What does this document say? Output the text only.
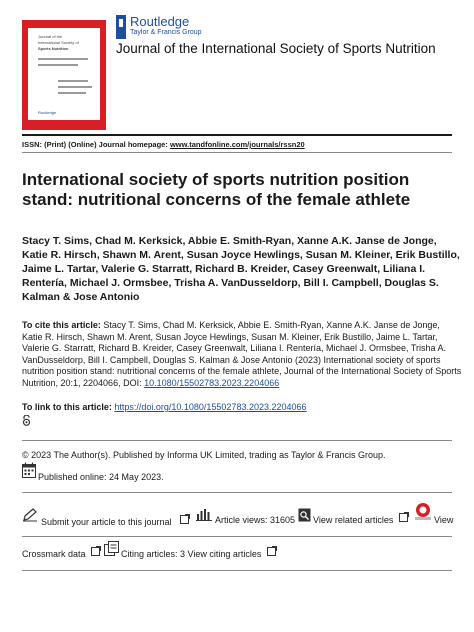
Journal of the
International Society of
Sports Nutrition
Routledge
Routledge
Taylor & Francis Group
Journal of the International Society of Sports Nutrition
ISSN: (Print) (Online) Journal homepage: www.tandfonline.com/journals/rssn20
International society of sports nutrition position stand: nutritional concerns of the female athlete
Stacy T. Sims, Chad M. Kerksick, Abbie E. Smith-Ryan, Xanne A.K. Janse de Jonge, Katie R. Hirsch, Shawn M. Arent, Susan Joyce Hewlings, Susan M. Kleiner, Erik Bustillo, Jaime L. Tartar, Valerie G. Starratt, Richard B. Kreider, Casey Greenwalt, Liliana I. Rentería, Michael J. Ormsbee, Trisha A. VanDusseldorp, Bill I. Campbell, Douglas S. Kalman & Jose Antonio
To cite this article: Stacy T. Sims, Chad M. Kerksick, Abbie E. Smith-Ryan, Xanne A.K. Janse de Jonge, Katie R. Hirsch, Shawn M. Arent, Susan Joyce Hewlings, Susan M. Kleiner, Erik Bustillo, Jaime L. Tartar, Valerie G. Starratt, Richard B. Kreider, Casey Greenwalt, Liliana I. Rentería, Michael J. Ormsbee, Trisha A. VanDusseldorp, Bill I. Campbell, Douglas S. Kalman & Jose Antonio (2023) International society of sports nutrition position stand: nutritional concerns of the female athlete, Journal of the International Society of Sports Nutrition, 20:1, 2204066, DOI: 10.1080/15502783.2023.2204066
To link to this article: https://doi.org/10.1080/15502783.2023.2204066
© 2023 The Author(s). Published by Informa UK Limited, trading as Taylor & Francis Group.
Published online: 24 May 2023.
Submit your article to this journal	Article views: 31605 View related articles	View
Crossmark data	Citing articles: 3 View citing articles
